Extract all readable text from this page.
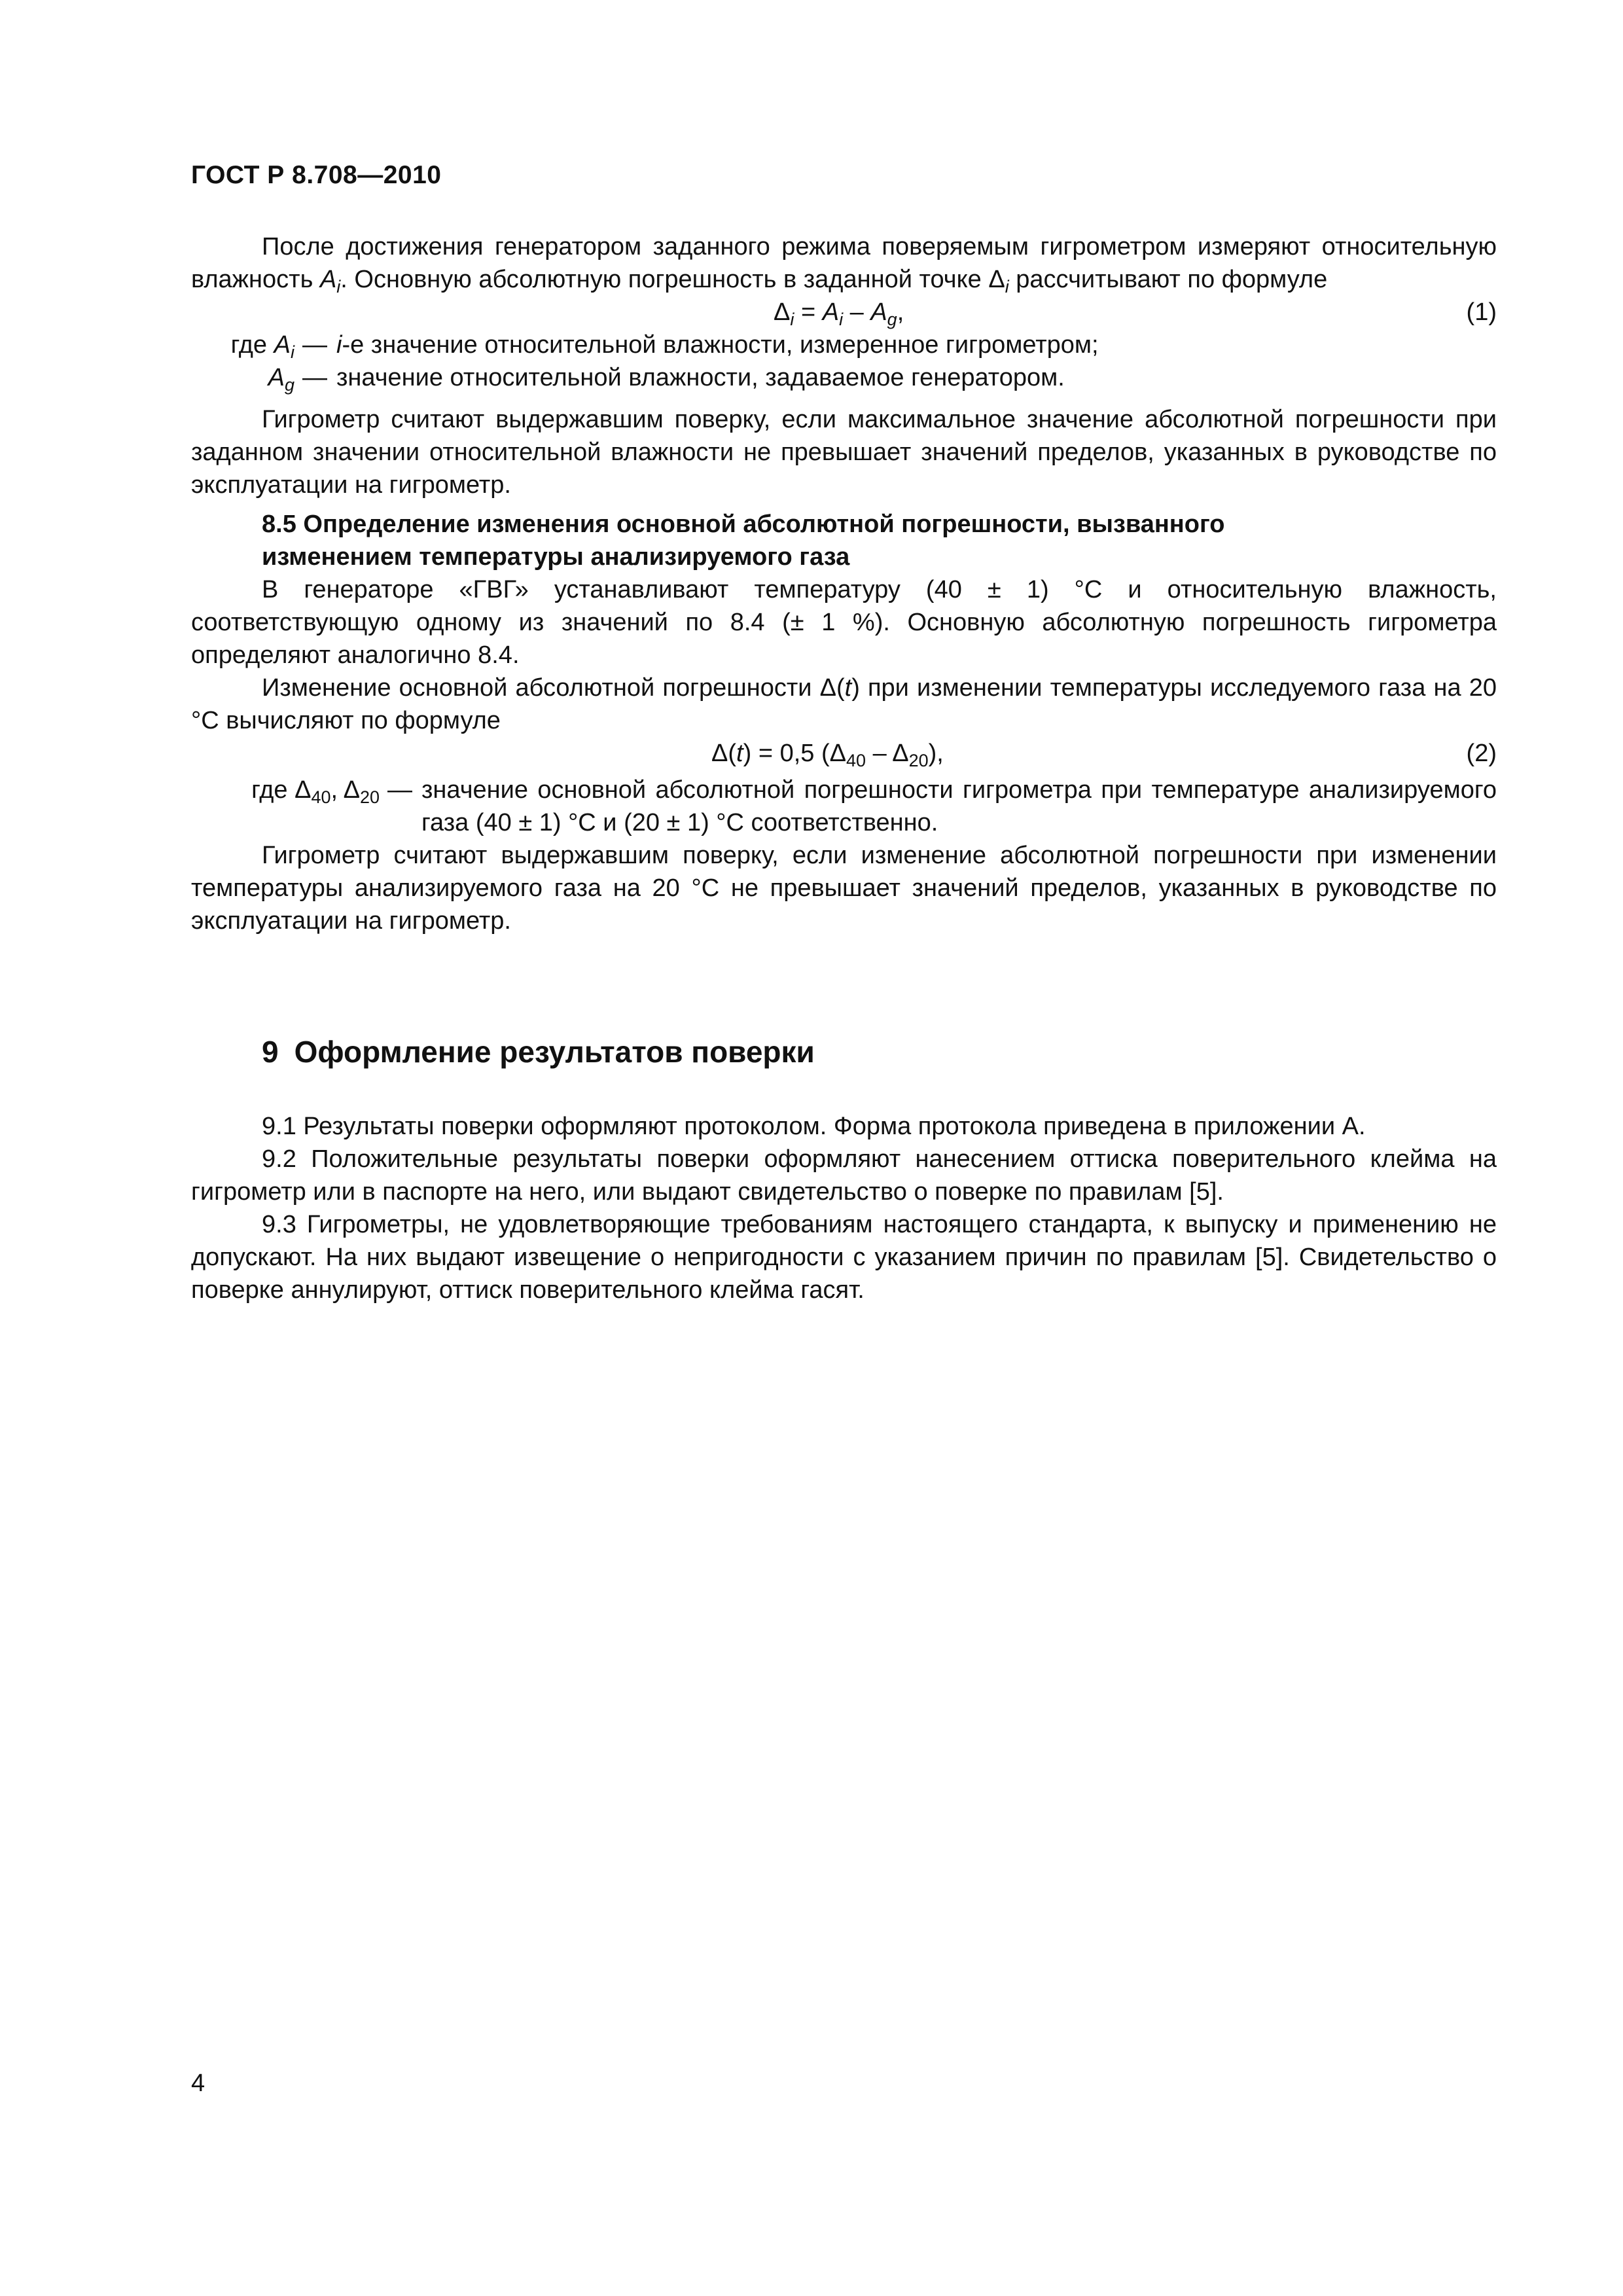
ГОСТ Р 8.708—2010

После достижения генератором заданного режима поверяемым гигрометром измеряют относительную влажность $A_i$. Основную абсолютную погрешность в заданной точке $\Delta_i$ рассчитывают по формуле

$\Delta_i = A_i - A_g$,	(1)
где $A_i$ — i-е значение относительной влажности, измеренное гигрометром;
$A_g$ — значение относительной влажности, задаваемое генератором.

Гигрометр считают выдержавшим поверку, если максимальное значение абсолютной погрешности при заданном значении относительной влажности не превышает значений пределов, указанных в руководстве по эксплуатации на гигрометр.

8.5 Определение изменения основной абсолютной погрешности, вызванного
изменением температуры анализируемого газа

В генераторе «ГВГ» устанавливают температуру (40 ± 1) °С и относительную влажность, соответствующую одному из значений по 8.4 (± 1 %). Основную абсолютную погрешность гигрометра определяют аналогично 8.4.

Изменение основной абсолютной погрешности Δ(t) при изменении температуры исследуемого газа на 20 °С вычисляют по формуле

Δ(t) = 0,5 $(\Delta_{40} - \Delta_{20})$,	(2)
где $\Delta_{40}$, $\Delta_{20}$ — значение основной абсолютной погрешности гигрометра при температуре анализируемого газа (40 ± 1) °С и (20 ± 1) °С соответственно.

Гигрометр считают выдержавшим поверку, если изменение абсолютной погрешности при изменении температуры анализируемого газа на 20 °С не превышает значений пределов, указанных в руководстве по эксплуатации на гигрометр.

9 Оформление результатов поверки

9.1 Результаты поверки оформляют протоколом. Форма протокола приведена в приложении А.

9.2 Положительные результаты поверки оформляют нанесением оттиска поверительного клейма на гигрометр или в паспорте на него, или выдают свидетельство о поверке по правилам [5].

9.3 Гигрометры, не удовлетворяющие требованиям настоящего стандарта, к выпуску и применению не допускают. На них выдают извещение о непригодности с указанием причин по правилам [5]. Свидетельство о поверке аннулируют, оттиск поверительного клейма гасят.

4
